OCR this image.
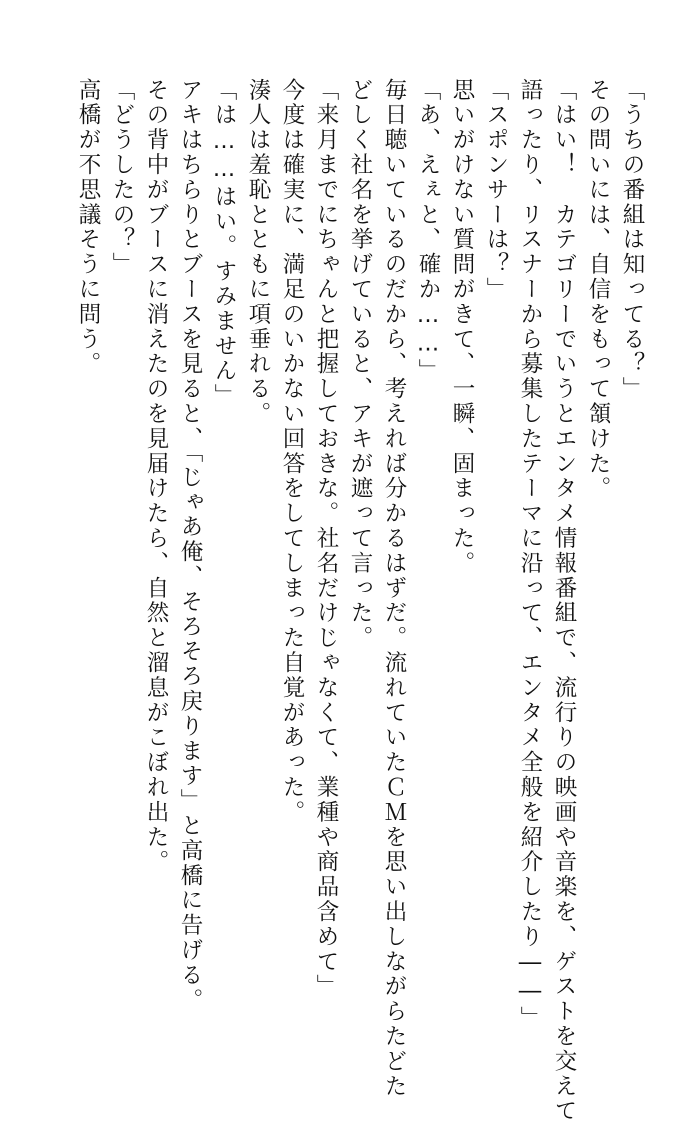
「うちの番組は知ってる？」
その問いには、自信をもって頷けた。
「はい！　カテゴリーでいうとエンタメ情報番組で、流行りの映画や音楽を、ゲストを交えて
語ったり、リスナーから募集したテーマに沿って、エンタメ全般を紹介したり――」
「スポンサーは？」
思いがけない質問がきて、一瞬、固まった。
「あ、えぇと、確か……」
毎日聴いているのだから、考えれば分かるはずだ。流れていたＣＭを思い出しながらたどた
どしく社名を挙げていると、アキが遮って言った。
「来月までにちゃんと把握しておきな。社名だけじゃなくて、業種や商品含めて」
今度は確実に、満足のいかない回答をしてしまった自覚があった。
湊人は羞恥とともに項垂れる。
「は……はい。すみません」
アキはちらりとブースを見ると、「じゃあ俺、そろそろ戻ります」と高橋に告げる。
その背中がブースに消えたのを見届けたら、自然と溜息がこぼれ出た。
「どうしたの？」
高橋が不思議そうに問う。
